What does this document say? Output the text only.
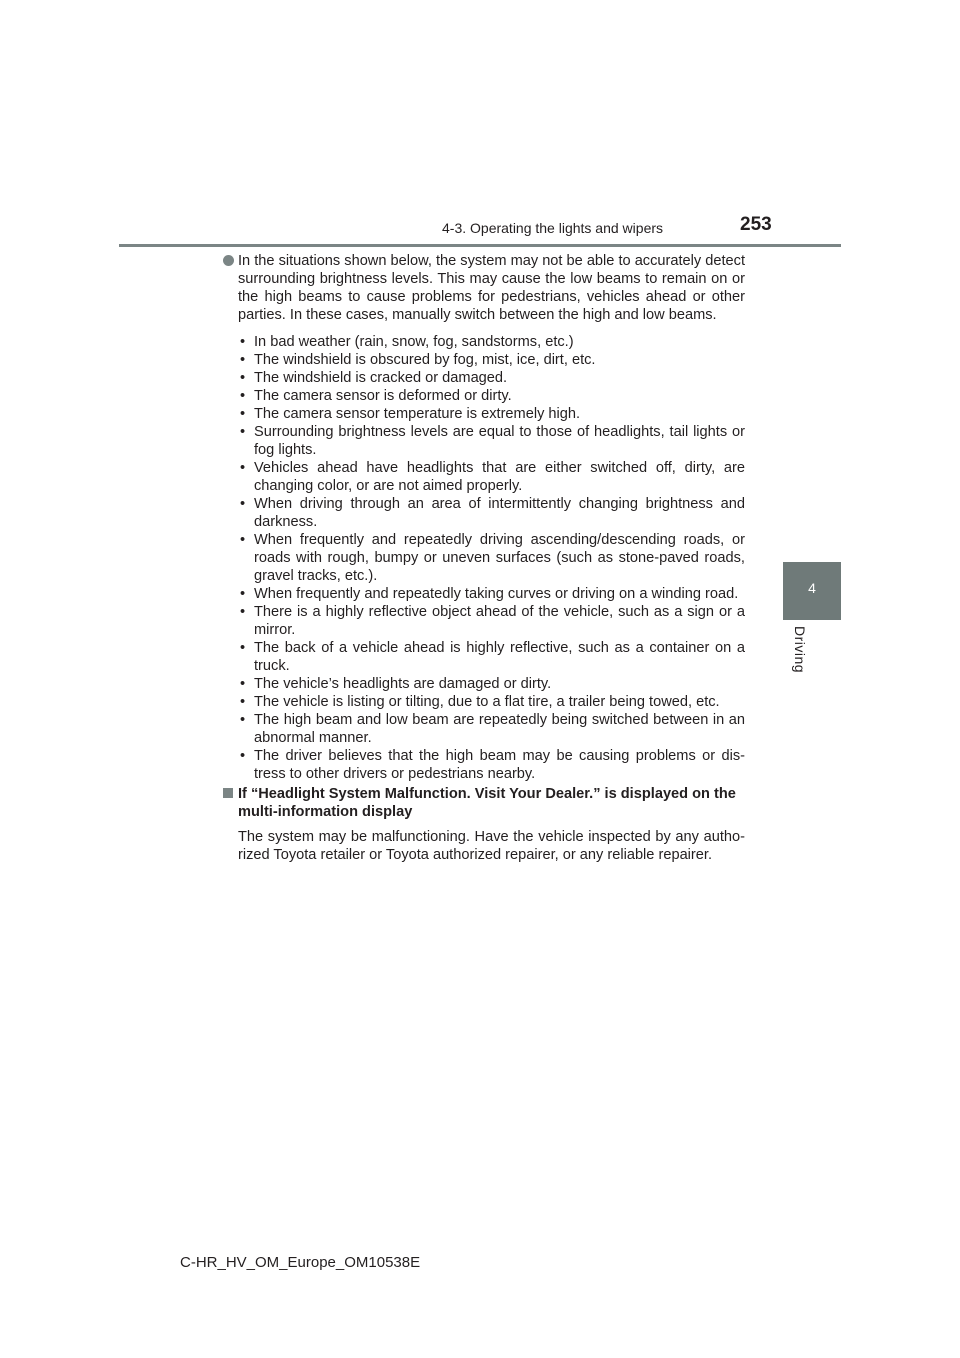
4-3. Operating the lights and wipers	253
4
Driving

In the situations shown below, the system may not be able to accurately detect surrounding brightness levels. This may cause the low beams to remain on or the high beams to cause problems for pedestrians, vehicles ahead or other parties. In these cases, manually switch between the high and low beams.

• In bad weather (rain, snow, fog, sandstorms, etc.)
• The windshield is obscured by fog, mist, ice, dirt, etc.
• The windshield is cracked or damaged.
• The camera sensor is deformed or dirty.
• The camera sensor temperature is extremely high.
• Surrounding brightness levels are equal to those of headlights, tail lights or fog lights.
• Vehicles ahead have headlights that are either switched off, dirty, are changing color, or are not aimed properly.
• When driving through an area of intermittently changing brightness and darkness.
• When frequently and repeatedly driving ascending/descending roads, or roads with rough, bumpy or uneven surfaces (such as stone-paved roads, gravel tracks, etc.).
• When frequently and repeatedly taking curves or driving on a winding road.
• There is a highly reflective object ahead of the vehicle, such as a sign or a mirror.
• The back of a vehicle ahead is highly reflective, such as a container on a truck.
• The vehicle’s headlights are damaged or dirty.
• The vehicle is listing or tilting, due to a flat tire, a trailer being towed, etc.
• The high beam and low beam are repeatedly being switched between in an abnormal manner.
• The driver believes that the high beam may be causing problems or dis-tress to other drivers or pedestrians nearby.
If “Headlight System Malfunction. Visit Your Dealer.” is displayed on the multi-information display
The system may be malfunctioning. Have the vehicle inspected by any autho-rized Toyota retailer or Toyota authorized repairer, or any reliable repairer.
C-HR_HV_OM_Europe_OM10538E
